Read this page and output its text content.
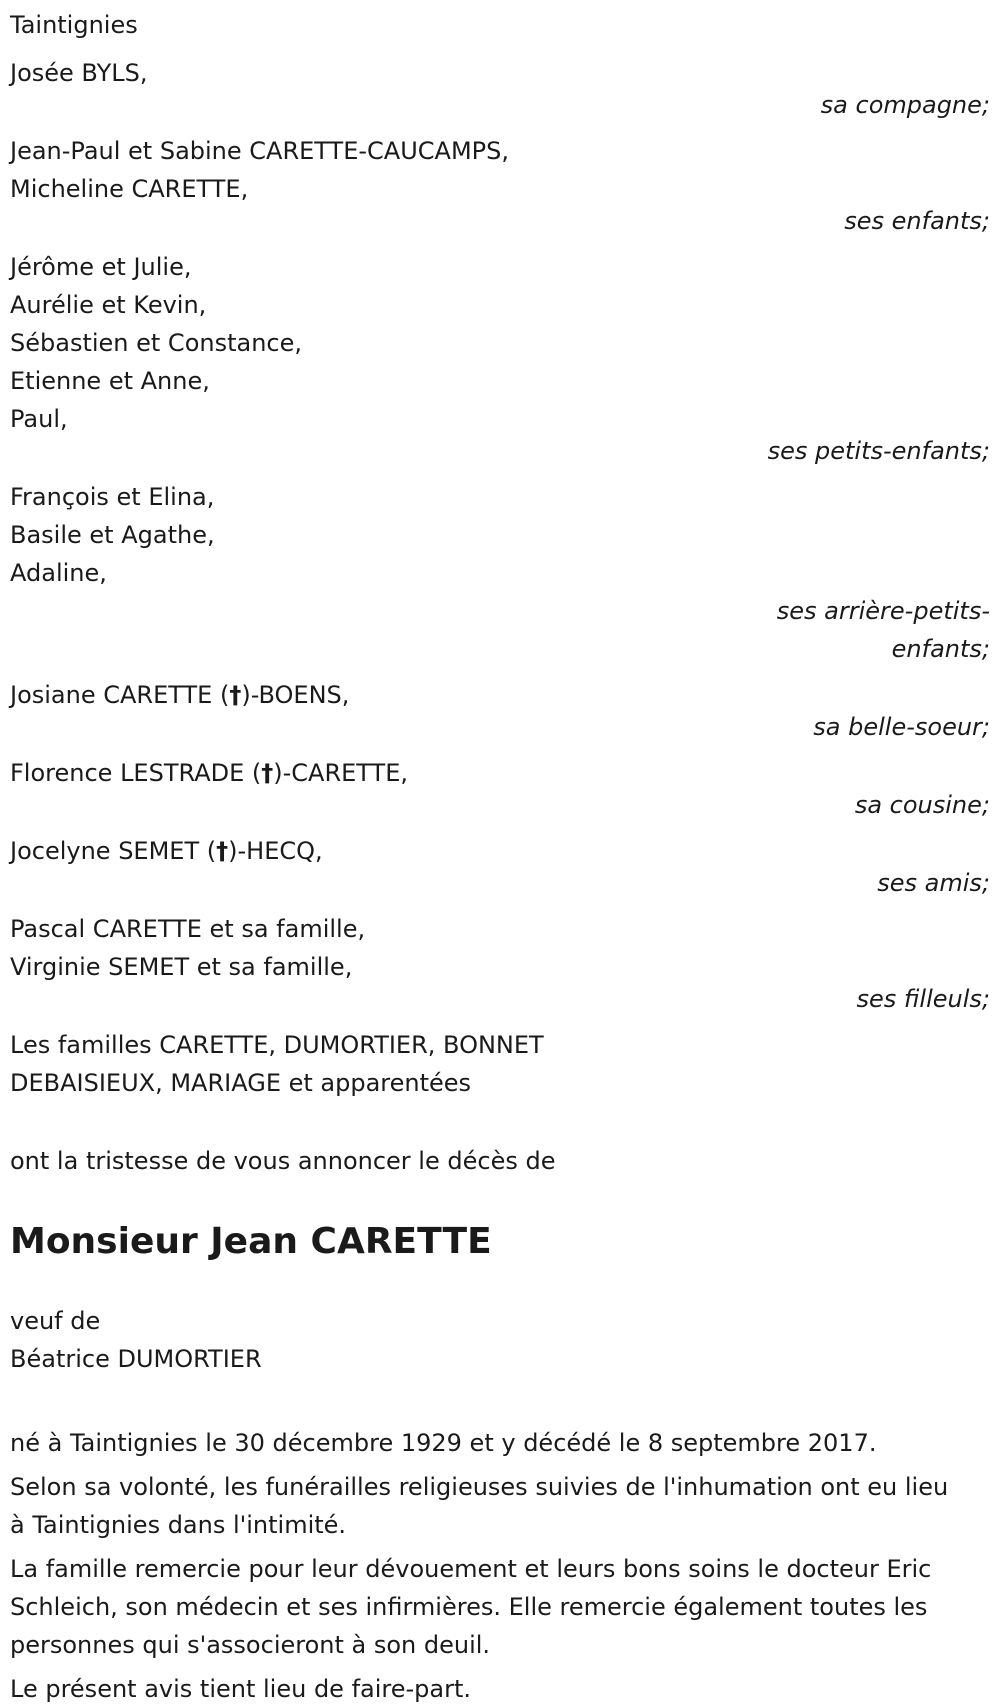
Taintignies
Josée BYLS,
sa compagne;
Jean-Paul et Sabine CARETTE-CAUCAMPS,
Micheline CARETTE,
ses enfants;
Jérôme et Julie,
Aurélie et Kevin,
Sébastien et Constance,
Etienne et Anne,
Paul,
ses petits-enfants;
François et Elina,
Basile et Agathe,
Adaline,
ses arrière-petits-
enfants;
Josiane CARETTE (†)-BOENS,
sa belle-soeur;
Florence LESTRADE (†)-CARETTE,
sa cousine;
Jocelyne SEMET (†)-HECQ,
ses amis;
Pascal CARETTE et sa famille,
Virginie SEMET et sa famille,
ses filleuls;
Les familles CARETTE, DUMORTIER, BONNET
DEBAISIEUX, MARIAGE et apparentées
ont la tristesse de vous annoncer le décès de
Monsieur Jean CARETTE
veuf de
Béatrice DUMORTIER
né à Taintignies le 30 décembre 1929 et y décédé le 8 septembre 2017.
Selon sa volonté, les funérailles religieuses suivies de l'inhumation ont eu lieu à Taintignies dans l'intimité.
La famille remercie pour leur dévouement et leurs bons soins le docteur Eric Schleich, son médecin et ses infirmières. Elle remercie également toutes les personnes qui s'associeront à son deuil.
Le présent avis tient lieu de faire-part.
